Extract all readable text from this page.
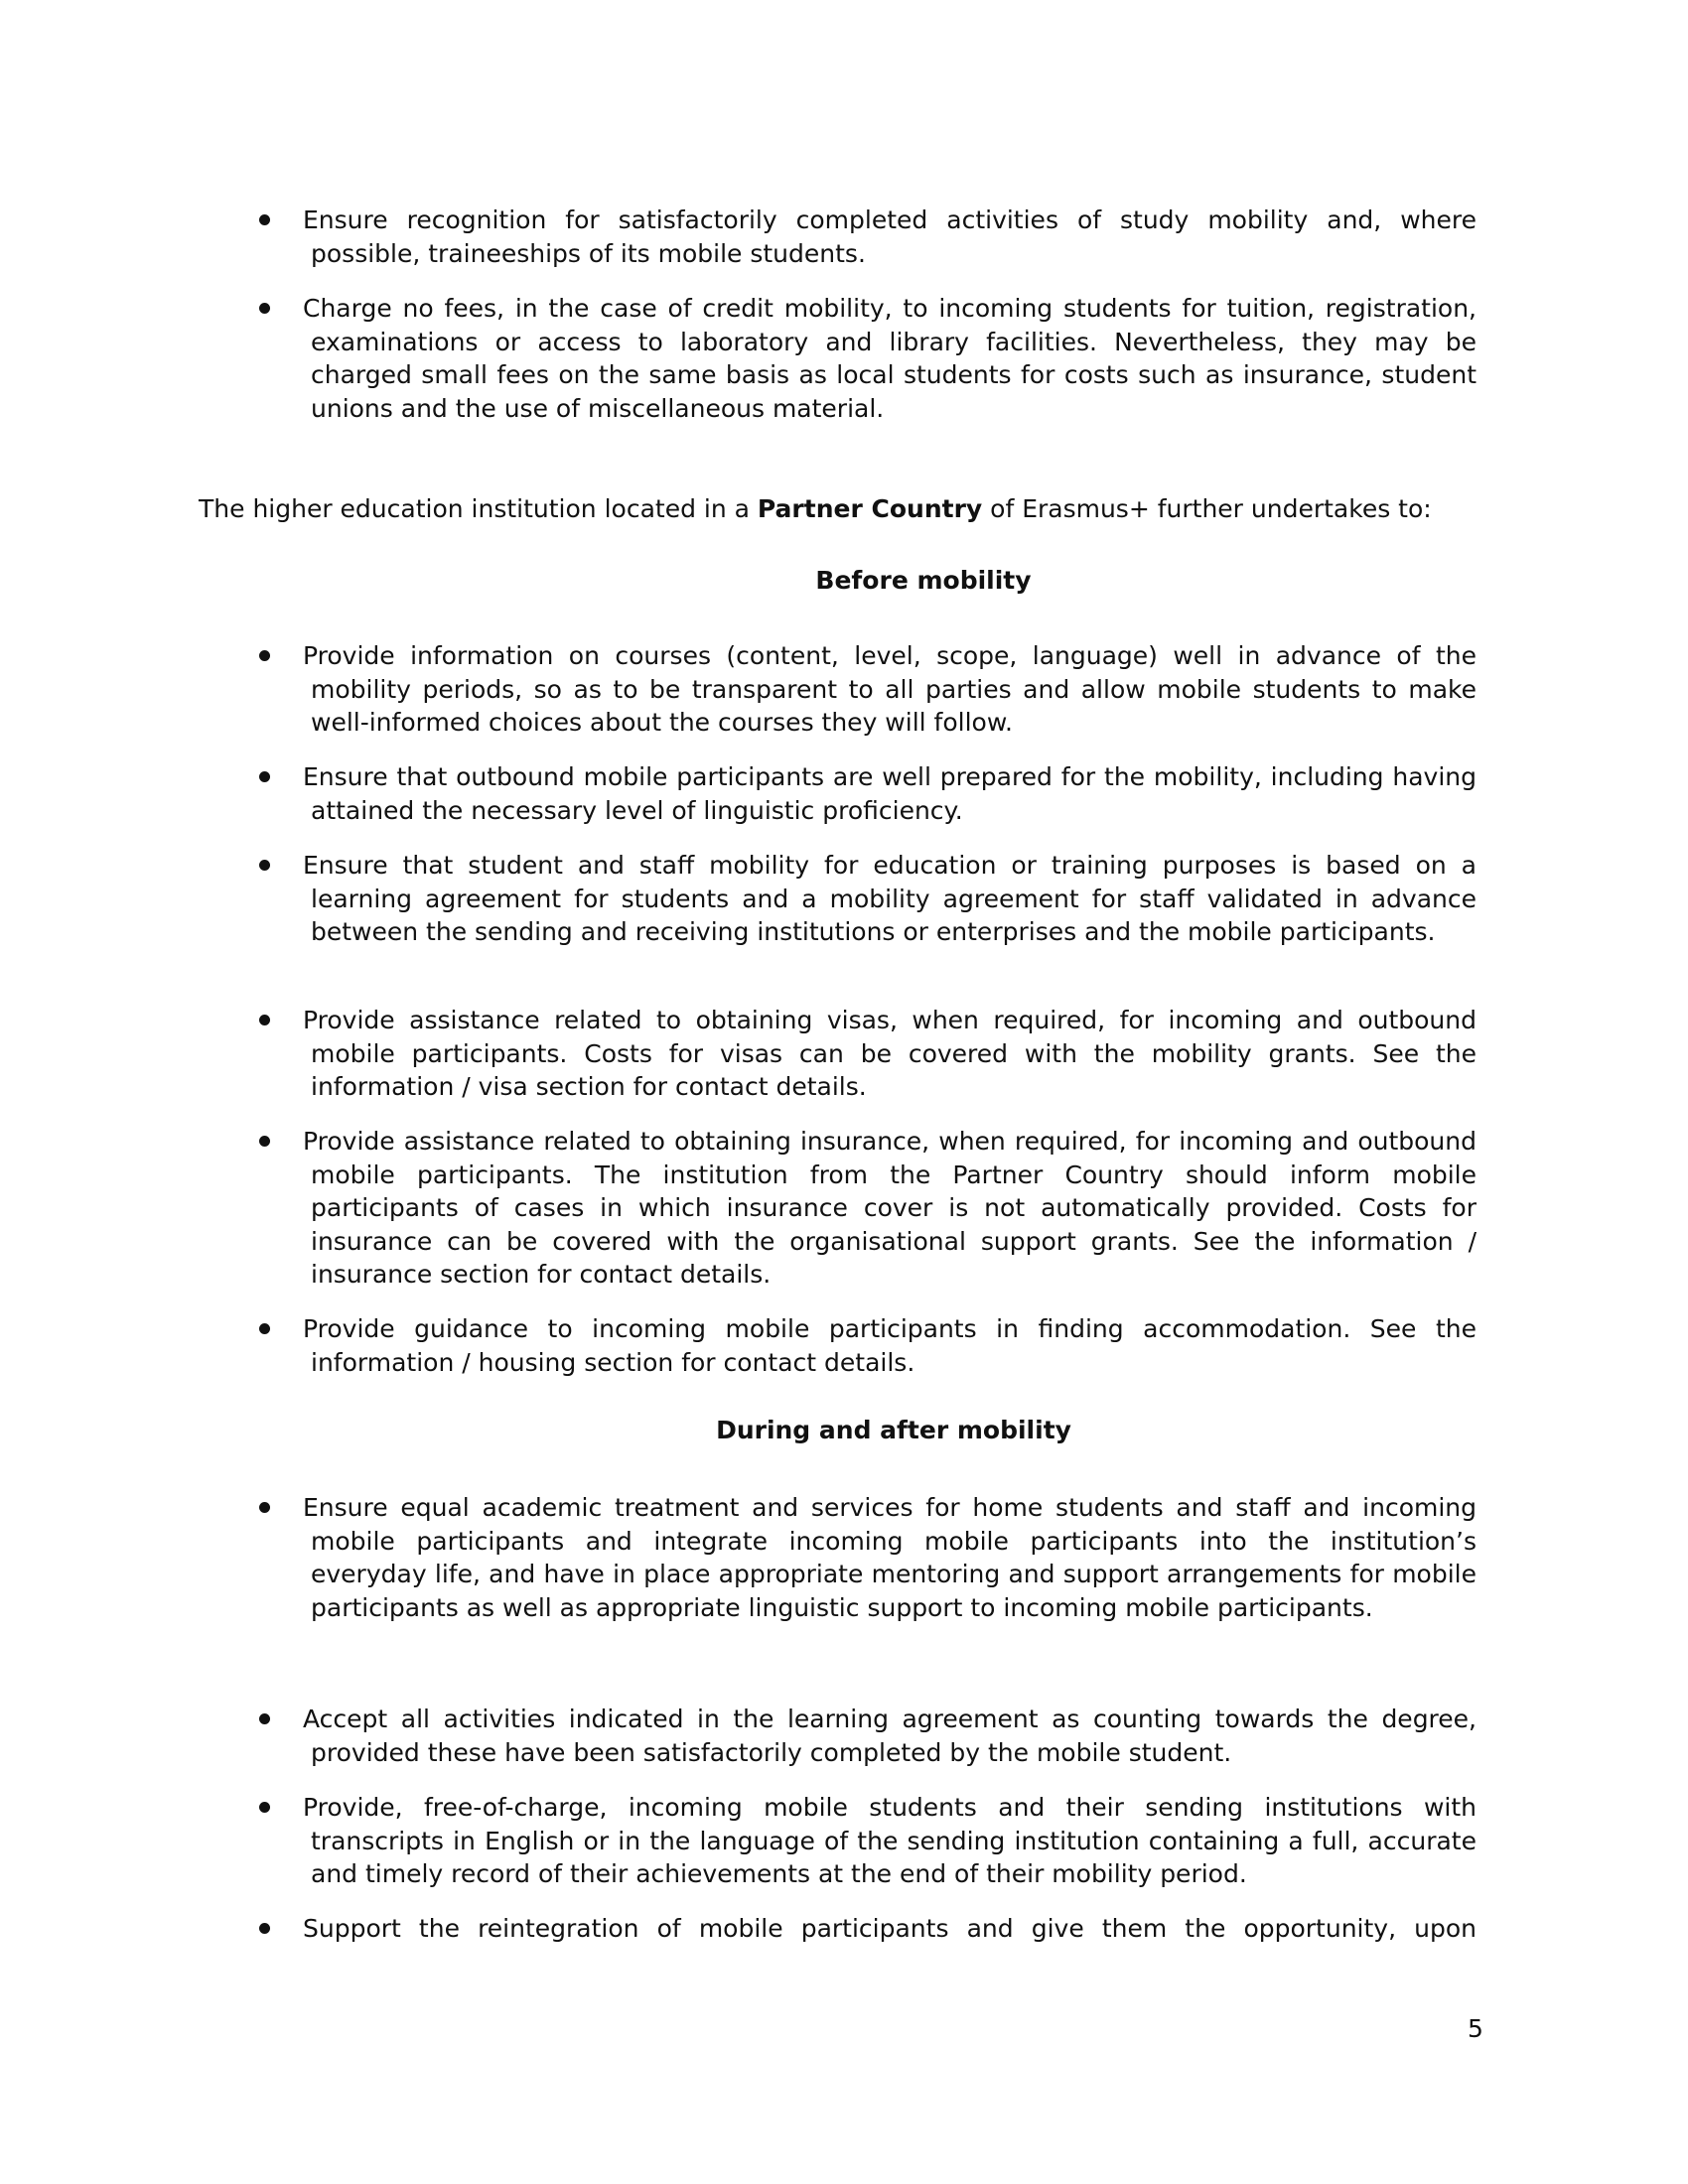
Ensure recognition for satisfactorily completed activities of study mobility and, where possible, traineeships of its mobile students.
Charge no fees, in the case of credit mobility, to incoming students for tuition, registration, examinations or access to laboratory and library facilities. Nevertheless, they may be charged small fees on the same basis as local students for costs such as insurance, student unions and the use of miscellaneous material.
The higher education institution located in a Partner Country of Erasmus+ further undertakes to:
Before mobility
Provide information on courses (content, level, scope, language) well in advance of the mobility periods, so as to be transparent to all parties and allow mobile students to make well-informed choices about the courses they will follow.
Ensure that outbound mobile participants are well prepared for the mobility, including having attained the necessary level of linguistic proficiency.
Ensure that student and staff mobility for education or training purposes is based on a learning agreement for students and a mobility agreement for staff validated in advance between the sending and receiving institutions or enterprises and the mobile participants.
Provide assistance related to obtaining visas, when required, for incoming and outbound mobile participants. Costs for visas can be covered with the mobility grants. See the information / visa section for contact details.
Provide assistance related to obtaining insurance, when required, for incoming and outbound mobile participants. The institution from the Partner Country should inform mobile participants of cases in which insurance cover is not automatically provided. Costs for insurance can be covered with the organisational support grants. See the information / insurance section for contact details.
Provide guidance to incoming mobile participants in finding accommodation. See the information / housing section for contact details.
During and after mobility
Ensure equal academic treatment and services for home students and staff and incoming mobile participants and integrate incoming mobile participants into the institution’s everyday life, and have in place appropriate mentoring and support arrangements for mobile participants as well as appropriate linguistic support to incoming mobile participants.
Accept all activities indicated in the learning agreement as counting towards the degree, provided these have been satisfactorily completed by the mobile student.
Provide, free-of-charge, incoming mobile students and their sending institutions with transcripts in English or in the language of the sending institution containing a full, accurate and timely record of their achievements at the end of their mobility period.
Support the reintegration of mobile participants and give them the opportunity, upon
5
